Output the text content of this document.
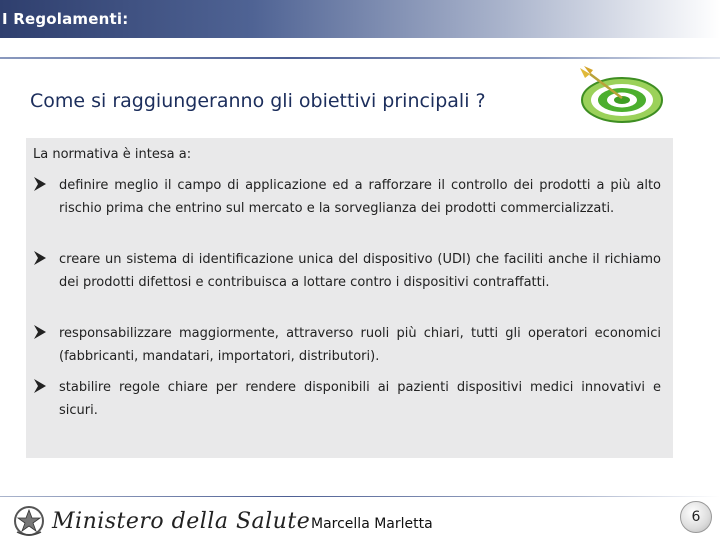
I Regolamenti:
Come si raggiungeranno gli obiettivi principali ?
La normativa è intesa a:
definire meglio il campo di applicazione ed a rafforzare il controllo dei prodotti a più alto rischio prima che entrino sul mercato e la sorveglianza dei prodotti commercializzati.
creare un sistema di identificazione unica del dispositivo (UDI) che faciliti anche il richiamo dei prodotti difettosi e contribuisca a lottare contro i dispositivi contraffatti.
responsabilizzare maggiormente, attraverso ruoli più chiari, tutti gli operatori economici (fabbricanti, mandatari, importatori, distributori).
stabilire regole chiare per rendere disponibili ai pazienti dispositivi medici innovativi e sicuri.
Ministero della Salute Marcella Marletta	6
